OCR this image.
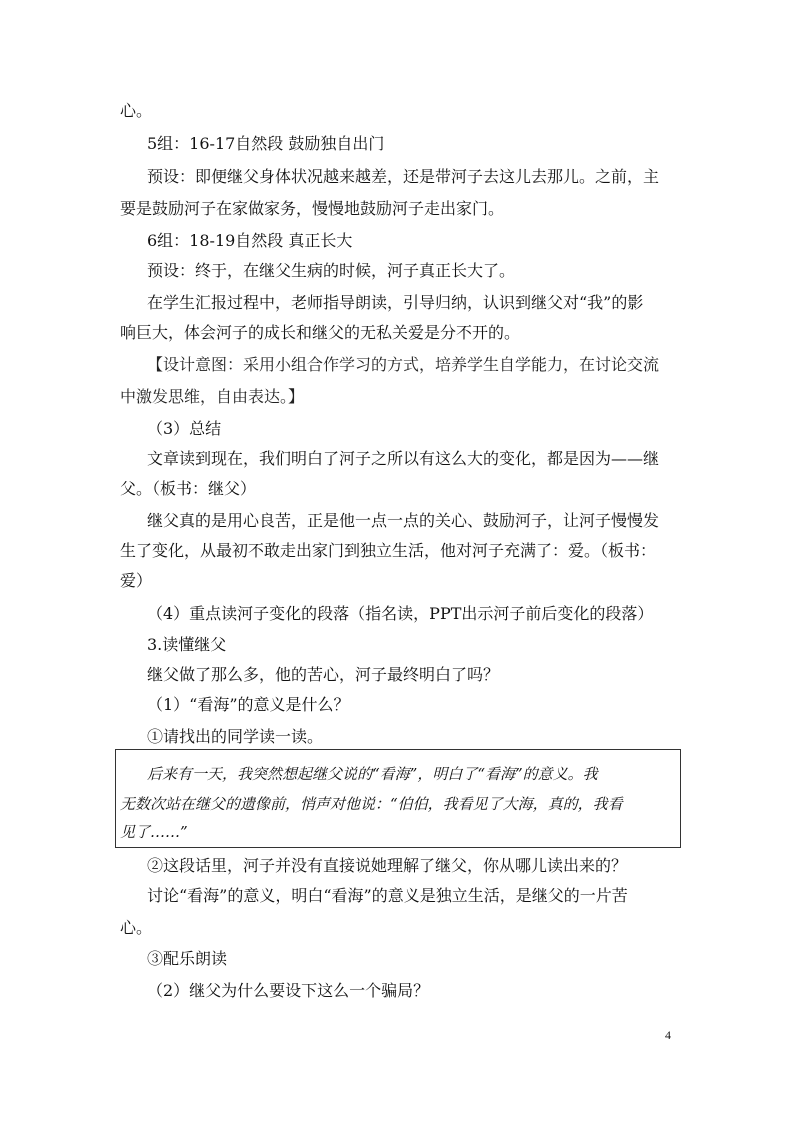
心。
5组：16-17自然段 鼓励独自出门
预设：即便继父身体状况越来越差，还是带河子去这儿去那儿。之前，主
要是鼓励河子在家做家务，慢慢地鼓励河子走出家门。
6组：18-19自然段 真正长大
预设：终于，在继父生病的时候，河子真正长大了。
在学生汇报过程中，老师指导朗读，引导归纳，认识到继父对“我”的影
响巨大，体会河子的成长和继父的无私关爱是分不开的。
【设计意图：采用小组合作学习的方式，培养学生自学能力，在讨论交流
中激发思维，自由表达。】
（3）总结
文章读到现在，我们明白了河子之所以有这么大的变化，都是因为——继
父。（板书：继父）
继父真的是用心良苦，正是他一点一点的关心、鼓励河子，让河子慢慢发
生了变化，从最初不敢走出家门到独立生活，他对河子充满了：爱。（板书：
爱）
（4）重点读河子变化的段落（指名读，PPT出示河子前后变化的段落）
3.读懂继父
继父做了那么多，他的苦心，河子最终明白了吗？
（1）“看海”的意义是什么？
①请找出的同学读一读。
后来有一天，我突然想起继父说的“看海”，明白了“看海”的意义。我
无数次站在继父的遗像前，悄声对他说：“伯伯，我看见了大海，真的，我看
见了……”
②这段话里，河子并没有直接说她理解了继父，你从哪儿读出来的？
讨论“看海”的意义，明白“看海”的意义是独立生活，是继父的一片苦
心。
③配乐朗读
（2）继父为什么要设下这么一个骗局？
4
